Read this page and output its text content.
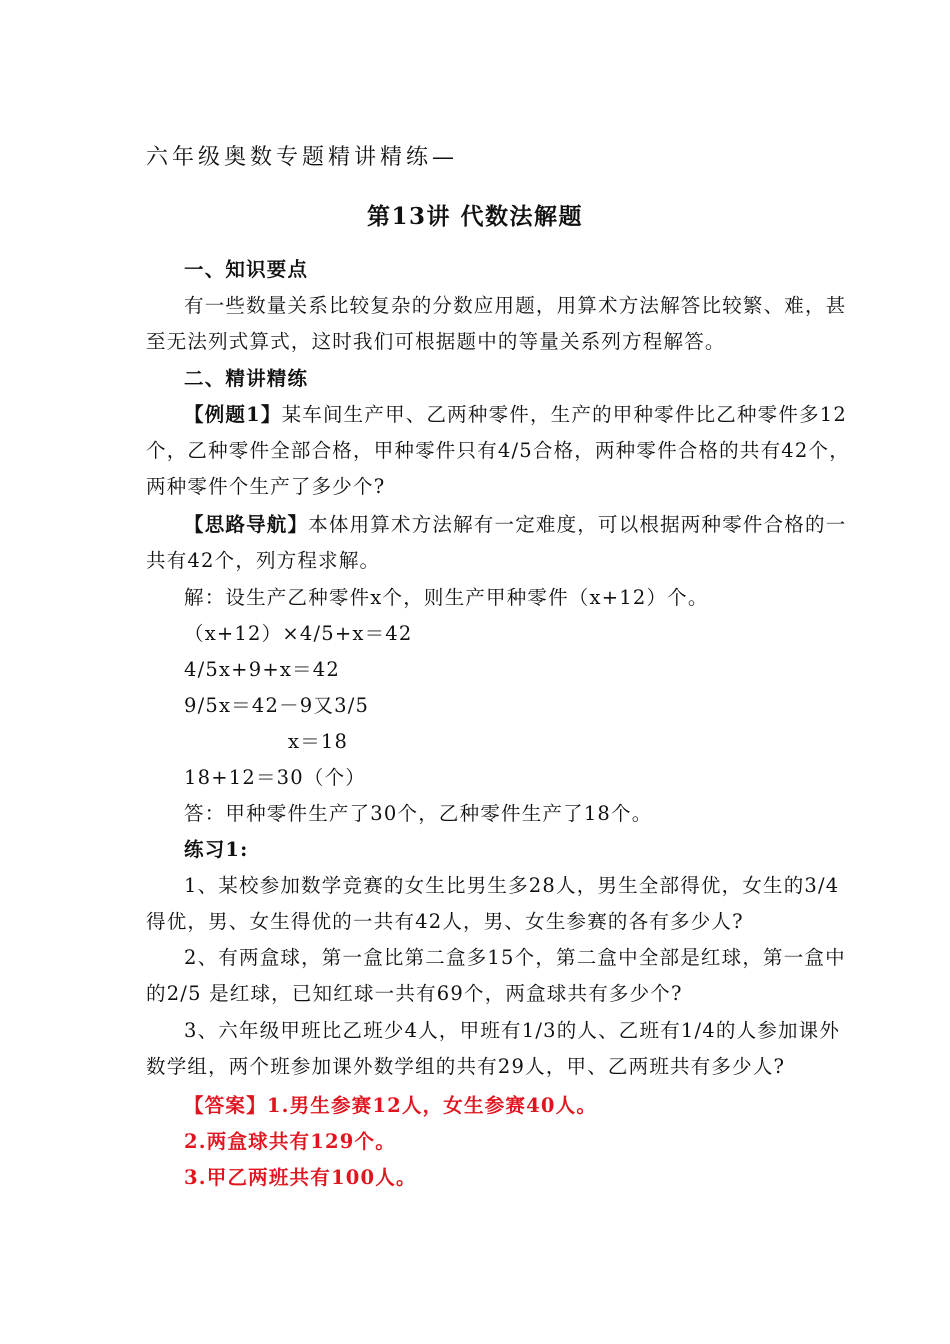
六年级奥数专题精讲精练—
第13讲 代数法解题
一、知识要点
有一些数量关系比较复杂的分数应用题，用算术方法解答比较繁、难，甚
至无法列式算式，这时我们可根据题中的等量关系列方程解答。
二、精讲精练
【例题1】某车间生产甲、乙两种零件，生产的甲种零件比乙种零件多12
个，乙种零件全部合格，甲种零件只有4/5合格，两种零件合格的共有42个，
两种零件个生产了多少个?
【思路导航】本体用算术方法解有一定难度，可以根据两种零件合格的一
共有42个，列方程求解。
解：设生产乙种零件x个，则生产甲种零件（x+12）个。
（x+12）×4/5+x＝42
4/5x+9+x＝42
9/5x＝42－9又3/5
x＝18
18+12＝30（个）
答：甲种零件生产了30个，乙种零件生产了18个。
练习1:
1、某校参加数学竞赛的女生比男生多28人，男生全部得优，女生的3/4
得优，男、女生得优的一共有42人，男、女生参赛的各有多少人?
2、有两盒球，第一盒比第二盒多15个，第二盒中全部是红球，第一盒中
的2/5 是红球，已知红球一共有69个，两盒球共有多少个?
3、六年级甲班比乙班少4人，甲班有1/3的人、乙班有1/4的人参加课外
数学组，两个班参加课外数学组的共有29人，甲、乙两班共有多少人?
【答案】1.男生参赛12人，女生参赛40人。
2.两盒球共有129个。
3.甲乙两班共有100人。
